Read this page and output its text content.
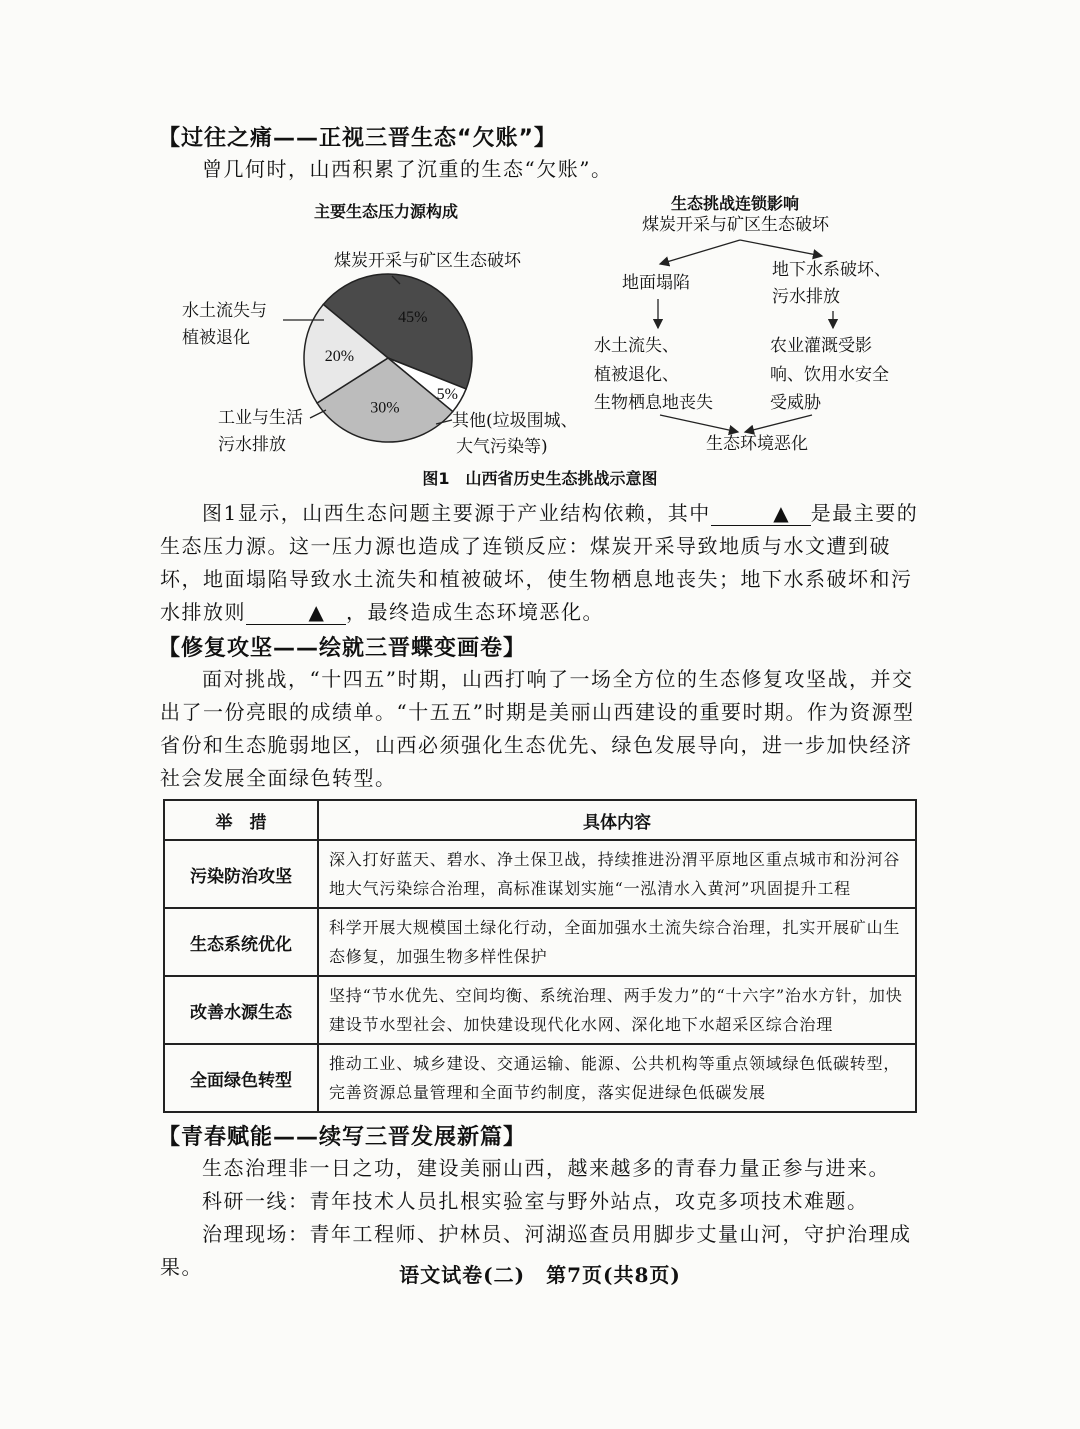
【过往之痛——正视三晋生态“欠账”】
曾几何时，山西积累了沉重的生态“欠账”。
主要生态压力源构成
45%
5%
30%
20%
煤炭开采与矿区生态破坏
水土流失与
植被退化
工业与生活
污水排放
其他(垃圾围城、
大气污染等)
生态挑战连锁影响
煤炭开采与矿区生态破坏
地面塌陷
地下水系破坏、
污水排放
水土流失、
植被退化、
生物栖息地丧失
农业灌溉受影
响、饮用水安全
受威胁
生态环境恶化
图1　山西省历史生态挑战示意图
图1显示，山西生态问题主要源于产业结构依赖，其中	▲ 是最主要的生态压力源。这一压力源也造成了连锁反应：煤炭开采导致地质与水文遭到破坏，地面塌陷导致水土流失和植被破坏，使生物栖息地丧失；地下水系破坏和污水排放则	▲ ，最终造成生态环境恶化。
【修复攻坚——绘就三晋蝶变画卷】
面对挑战，“十四五”时期，山西打响了一场全方位的生态修复攻坚战，并交出了一份亮眼的成绩单。“十五五”时期是美丽山西建设的重要时期。作为资源型省份和生态脆弱地区，山西必须强化生态优先、绿色发展导向，进一步加快经济社会发展全面绿色转型。
举　措	具体内容
污染防治攻坚	深入打好蓝天、碧水、净土保卫战，持续推进汾渭平原地区重点城市和汾河谷地大气污染综合治理，高标准谋划实施“一泓清水入黄河”巩固提升工程
生态系统优化	科学开展大规模国土绿化行动，全面加强水土流失综合治理，扎实开展矿山生态修复，加强生物多样性保护
改善水源生态	坚持“节水优先、空间均衡、系统治理、两手发力”的“十六字”治水方针，加快建设节水型社会、加快建设现代化水网、深化地下水超采区综合治理
全面绿色转型	推动工业、城乡建设、交通运输、能源、公共机构等重点领域绿色低碳转型，完善资源总量管理和全面节约制度，落实促进绿色低碳发展
【青春赋能——续写三晋发展新篇】
生态治理非一日之功，建设美丽山西，越来越多的青春力量正参与进来。
科研一线：青年技术人员扎根实验室与野外站点，攻克多项技术难题。
治理现场：青年工程师、护林员、河湖巡查员用脚步丈量山河，守护治理成果。	语文试卷(二)　第7页(共8页)
